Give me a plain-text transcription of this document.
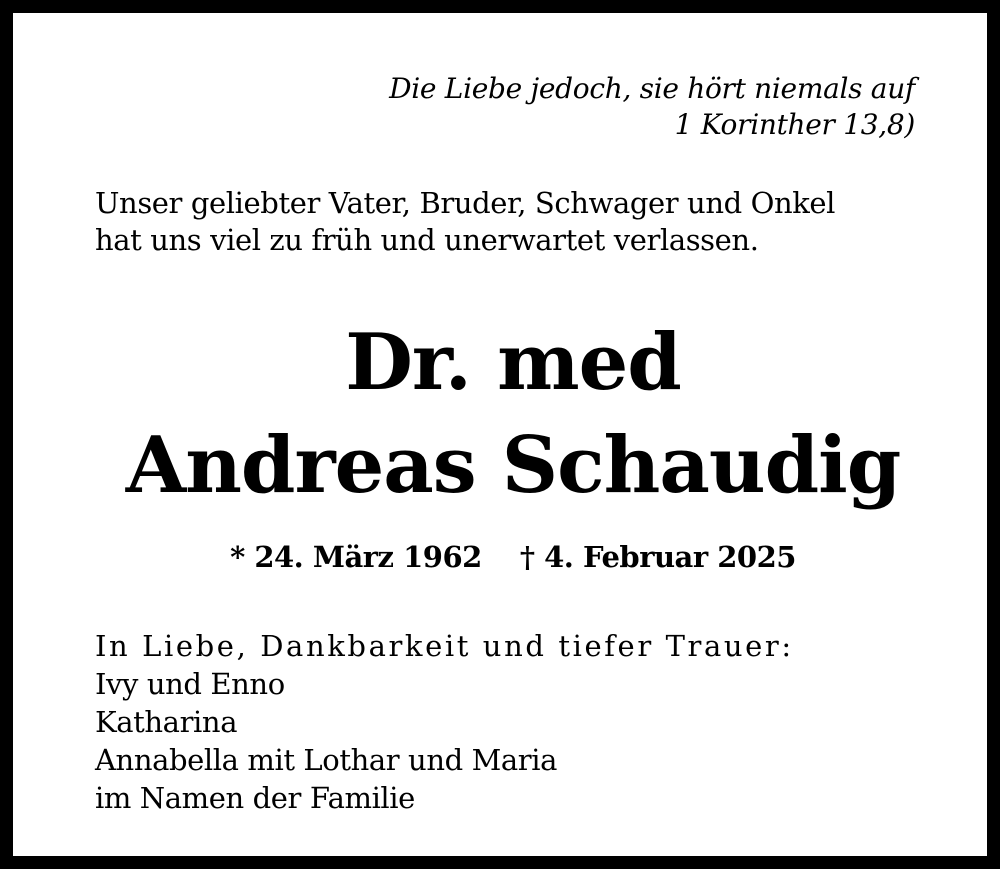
Die Liebe jedoch, sie hört niemals auf
1 Korinther 13,8)
Unser geliebter Vater, Bruder, Schwager und Onkel
hat uns viel zu früh und unerwartet verlassen.
Dr. med
Andreas Schaudig
* 24. März 1962 † 4. Februar 2025
In Liebe, Dankbarkeit und tiefer Trauer:
Ivy und Enno
Katharina
Annabella mit Lothar und Maria
im Namen der Familie
